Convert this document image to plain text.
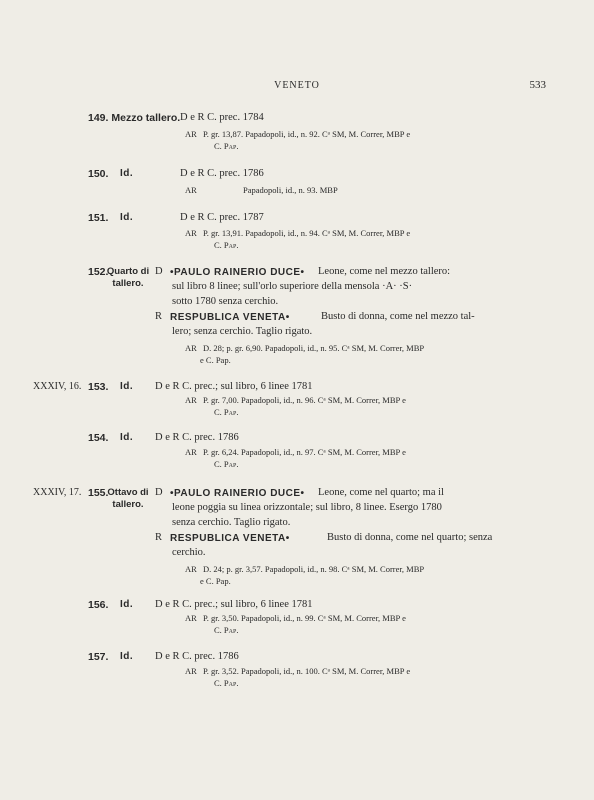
VENETO	533
149. Mezzo tallero. D e R C. prec. 1784
AR P. gr. 13,87. Papadopoli, id., n. 92. Cᵃ SM, M. Correr, MBP e
C. Pap.
150. Id.	D e R C. prec. 1786
AR	Papadopoli, id., n. 93. MBP
151. Id.	D e R C. prec. 1787
AR P. gr. 13,91. Papadopoli, id., n. 94. Cᵃ SM, M. Correr, MBP e
C. Pap.
152.
Quarto di tallero.
D •PAULO RAINERIO DUCE• Leone, come nel mezzo tallero:
sul libro 8 linee; sull'orlo superiore della mensola ·A· ·S·
sotto 1780 senza cerchio.
R RESPUBLICA VENETA•	Busto di donna, come nel mezzo tal-
lero; senza cerchio. Taglio rigato.
AR D. 28; p. gr. 6,90. Papadopoli, id., n. 95. Cᵃ SM, M. Correr, MBP
e C. Pap.
XXXIV, 16. 153. Id. D e R C. prec.; sul libro, 6 linee 1781
AR P. gr. 7,00. Papadopoli, id., n. 96. Cᵃ SM, M. Correr, MBP e
C. Pap.
154. Id. D e R C. prec. 1786
AR P. gr. 6,24. Papadopoli, id., n. 97. Cᵃ SM, M. Correr, MBP e
C. Pap.
XXXIV, 17. 155.
Ottavo di tallero.
D •PAULO RAINERIO DUCE• Leone, come nel quarto; ma il
leone poggia su linea orizzontale; sul libro, 8 linee. Esergo 1780
senza cerchio. Taglio rigato.
R RESPUBLICA VENETA•	Busto di donna, come nel quarto; senza
cerchio.
AR D. 24; p. gr. 3,57. Papadopoli, id., n. 98. Cᵃ SM, M. Correr, MBP
e C. Pap.
156. Id. D e R C. prec.; sul libro, 6 linee 1781
AR P. gr. 3,50. Papadopoli, id., n. 99. Cᵃ SM, M. Correr, MBP e
C. Pap.
157. Id. D e R C. prec. 1786
AR P. gr. 3,52. Papadopoli, id., n. 100. Cᵃ SM, M. Correr, MBP e
C. Pap.
